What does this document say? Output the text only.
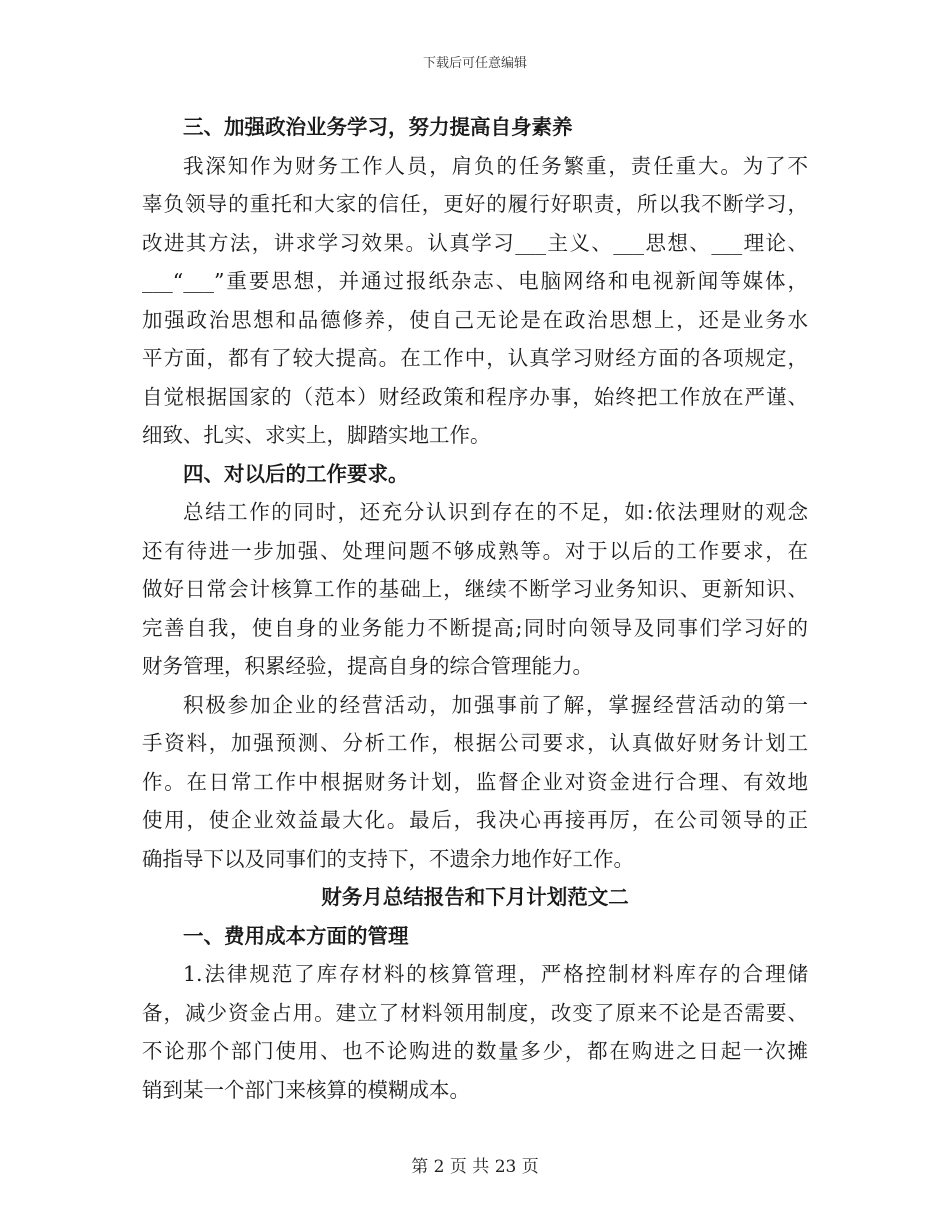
下载后可任意编辑
三、加强政治业务学习，努力提高自身素养
我深知作为财务工作人员，肩负的任务繁重，责任重大。为了不
辜负领导的重托和大家的信任，更好的履行好职责，所以我不断学习，
改进其方法，讲求学习效果。认真学习___主义、___思想、___理论、
___“___”重要思想，并通过报纸杂志、电脑网络和电视新闻等媒体，
加强政治思想和品德修养，使自己无论是在政治思想上，还是业务水
平方面，都有了较大提高。在工作中，认真学习财经方面的各项规定，
自觉根据国家的（范本）财经政策和程序办事，始终把工作放在严谨、
细致、扎实、求实上，脚踏实地工作。
四、对以后的工作要求。
总结工作的同时，还充分认识到存在的不足，如:依法理财的观念
还有待进一步加强、处理问题不够成熟等。对于以后的工作要求，在
做好日常会计核算工作的基础上，继续不断学习业务知识、更新知识、
完善自我，使自身的业务能力不断提高;同时向领导及同事们学习好的
财务管理，积累经验，提高自身的综合管理能力。
积极参加企业的经营活动，加强事前了解，掌握经营活动的第一
手资料，加强预测、分析工作，根据公司要求，认真做好财务计划工
作。在日常工作中根据财务计划，监督企业对资金进行合理、有效地
使用，使企业效益最大化。最后，我决心再接再厉，在公司领导的正
确指导下以及同事们的支持下，不遗余力地作好工作。
财务月总结报告和下月计划范文二
一、费用成本方面的管理
1.法律规范了库存材料的核算管理，严格控制材料库存的合理储
备，减少资金占用。建立了材料领用制度，改变了原来不论是否需要、
不论那个部门使用、也不论购进的数量多少，都在购进之日起一次摊
销到某一个部门来核算的模糊成本。
第 2 页 共 23 页
